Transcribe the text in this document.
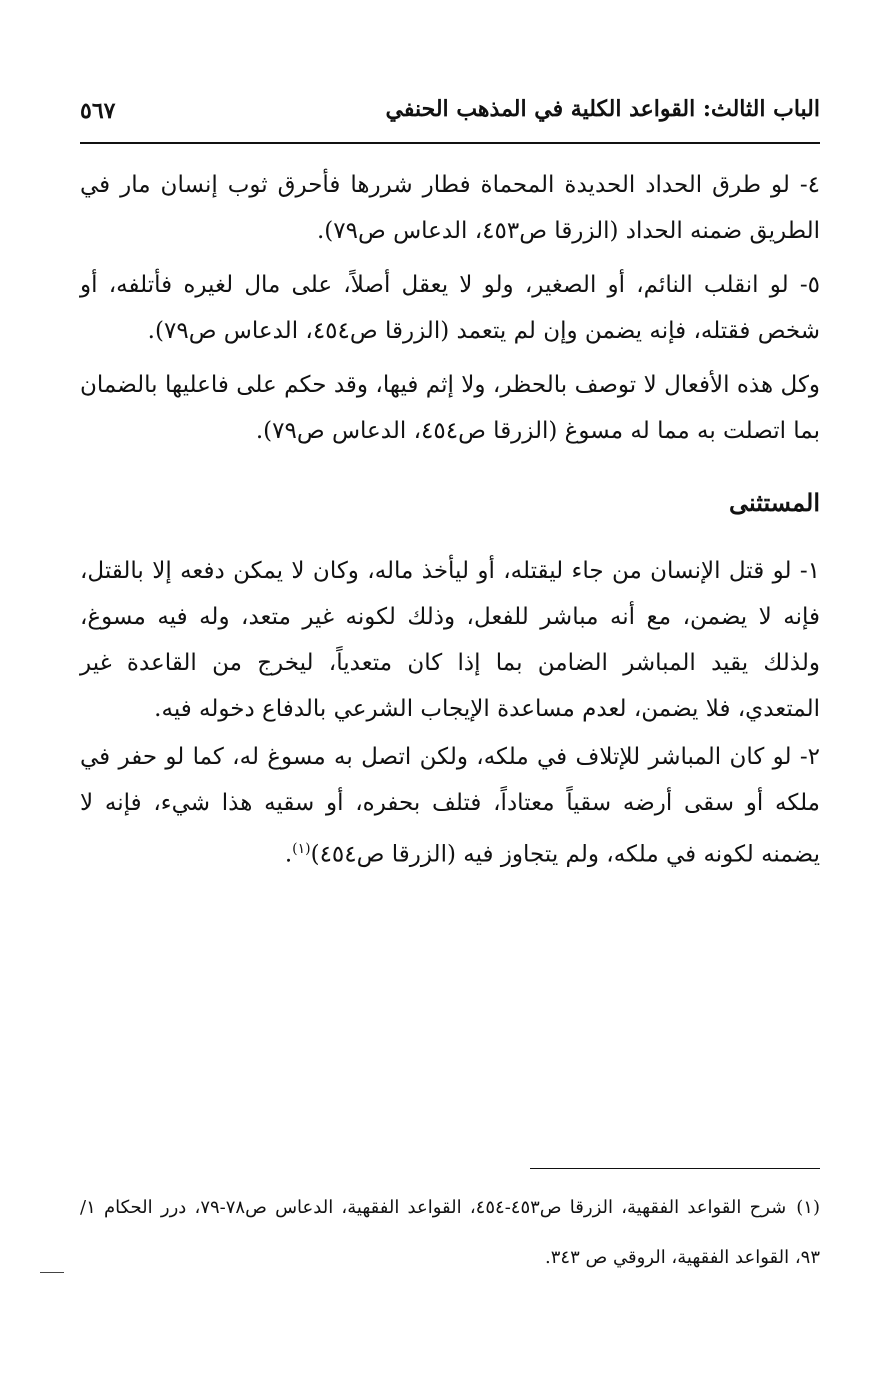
الباب الثالث: القواعد الكلية في المذهب الحنفي
٥٦٧
٤- لو طرق الحداد الحديدة المحماة فطار شررها فأحرق ثوب إنسان مار في الطريق ضمنه الحداد (الزرقا ص٤٥٣، الدعاس ص٧٩).
٥- لو انقلب النائم، أو الصغير، ولو لا يعقل أصلاً، على مال لغيره فأتلفه، أو شخص فقتله، فإنه يضمن وإن لم يتعمد (الزرقا ص٤٥٤، الدعاس ص٧٩).
وكل هذه الأفعال لا توصف بالحظر، ولا إثم فيها، وقد حكم على فاعليها بالضمان بما اتصلت به مما له مسوغ (الزرقا ص٤٥٤، الدعاس ص٧٩).
المستثنى
١- لو قتل الإنسان من جاء ليقتله، أو ليأخذ ماله، وكان لا يمكن دفعه إلا بالقتل، فإنه لا يضمن، مع أنه مباشر للفعل، وذلك لكونه غير متعد، وله فيه مسوغ، ولذلك يقيد المباشر الضامن بما إذا كان متعدياً، ليخرج من القاعدة غير المتعدي، فلا يضمن، لعدم مساعدة الإيجاب الشرعي بالدفاع دخوله فيه.
٢- لو كان المباشر للإتلاف في ملكه، ولكن اتصل به مسوغ له، كما لو حفر في ملكه أو سقى أرضه سقياً معتاداً، فتلف بحفره، أو سقيه هذا شيء، فإنه لا يضمنه لكونه في ملكه، ولم يتجاوز فيه (الزرقا ص٤٥٤)$^{(١)}$.
(١)شرح القواعد الفقهية، الزرقا ص٤٥٣-٤٥٤، القواعد الفقهية، الدعاس ص٧٨-٧٩، درر الحكام ١/ ٩٣، القواعد الفقهية، الروقي ص ٣٤٣.
